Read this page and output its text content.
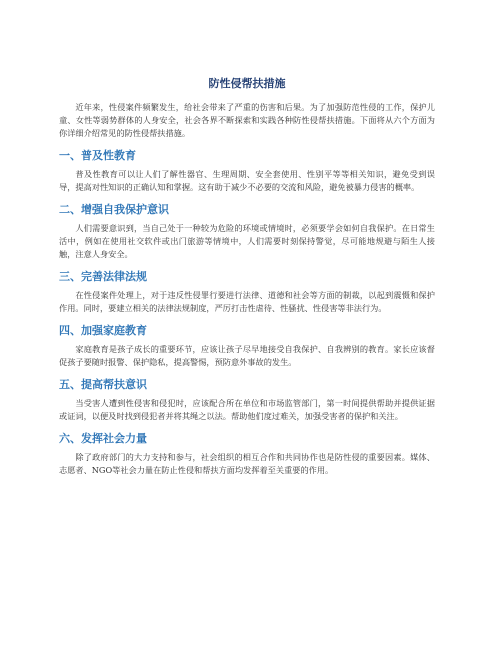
防性侵帮扶措施

近年来，性侵案件频繁发生，给社会带来了严重的伤害和后果。为了加强防范性侵的工作，保护儿童、女性等弱势群体的人身安全，社会各界不断探索和实践各种防性侵帮扶措施。下面将从六个方面为你详细介绍常见的防性侵帮扶措施。

一、普及性教育

普及性教育可以让人们了解性器官、生理周期、安全套使用、性别平等等相关知识，避免受到误导，提高对性知识的正确认知和掌握。这有助于减少不必要的交流和风险，避免被暴力侵害的概率。

二、增强自我保护意识

人们需要意识到，当自己处于一种较为危险的环境或情境时，必须要学会如何自我保护。在日常生活中，例如在使用社交软件或出门旅游等情境中，人们需要时刻保持警觉，尽可能地规避与陌生人接触，注意人身安全。

三、完善法律法规

在性侵案件处理上，对于违反性侵罪行要进行法律、道德和社会等方面的制裁，以起到震慑和保护作用。同时，要建立相关的法律法规制度，严厉打击性虐待、性骚扰、性侵害等非法行为。

四、加强家庭教育

家庭教育是孩子成长的重要环节，应该让孩子尽早地接受自我保护、自我辨别的教育。家长应该督促孩子要随时报警、保护隐私，提高警惕，预防意外事故的发生。

五、提高帮扶意识

当受害人遭到性侵害和侵犯时，应该配合所在单位和市场监管部门，第一时间提供帮助并提供证据或证词，以便及时找到侵犯者并将其绳之以法。帮助他们度过难关，加强受害者的保护和关注。

六、发挥社会力量

除了政府部门的大力支持和参与，社会组织的相互合作和共同协作也是防性侵的重要因素。媒体、志愿者、NGO等社会力量在防止性侵和帮扶方面均发挥着至关重要的作用。
